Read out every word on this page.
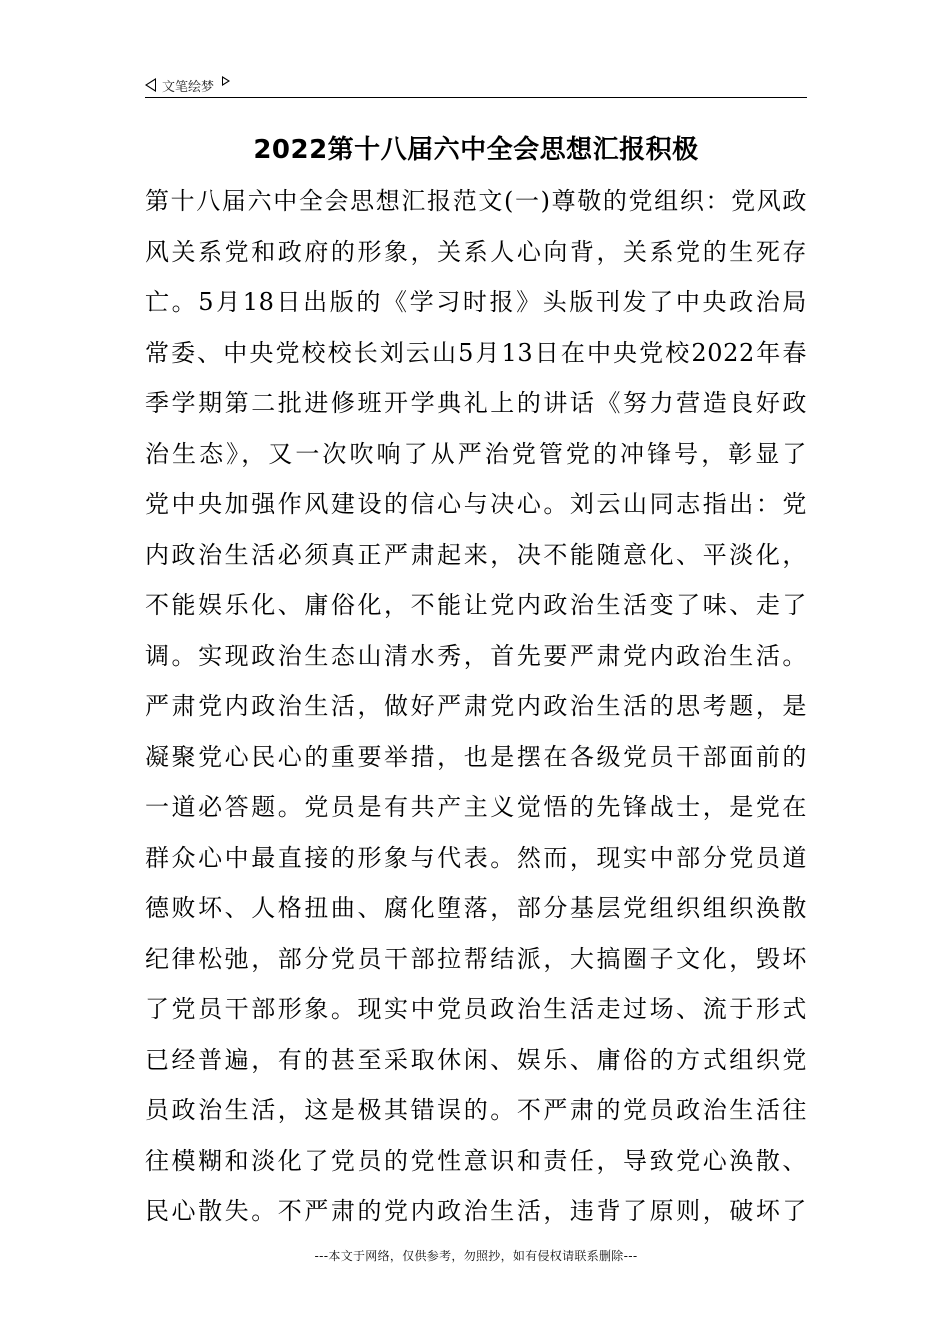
文笔绘梦
2022第十八届六中全会思想汇报积极
第十八届六中全会思想汇报范文(一)尊敬的党组织：党风政
风关系党和政府的形象，关系人心向背，关系党的生死存
亡。5月18日出版的《学习时报》头版刊发了中央政治局
常委、中央党校校长刘云山5月13日在中央党校2022年春
季学期第二批进修班开学典礼上的讲话《努力营造良好政
治生态》，又一次吹响了从严治党管党的冲锋号，彰显了
党中央加强作风建设的信心与决心。刘云山同志指出：党
内政治生活必须真正严肃起来，决不能随意化、平淡化，
不能娱乐化、庸俗化，不能让党内政治生活变了味、走了
调。实现政治生态山清水秀，首先要严肃党内政治生活。
严肃党内政治生活，做好严肃党内政治生活的思考题，是
凝聚党心民心的重要举措，也是摆在各级党员干部面前的
一道必答题。党员是有共产主义觉悟的先锋战士，是党在
群众心中最直接的形象与代表。然而，现实中部分党员道
德败坏、人格扭曲、腐化堕落，部分基层党组织组织涣散
纪律松弛，部分党员干部拉帮结派，大搞圈子文化，毁坏
了党员干部形象。现实中党员政治生活走过场、流于形式
已经普遍，有的甚至采取休闲、娱乐、庸俗的方式组织党
员政治生活，这是极其错误的。不严肃的党员政治生活往
往模糊和淡化了党员的党性意识和责任，导致党心涣散、
民心散失。不严肃的党内政治生活，违背了原则，破坏了
---本文于网络，仅供参考，勿照抄，如有侵权请联系删除---
